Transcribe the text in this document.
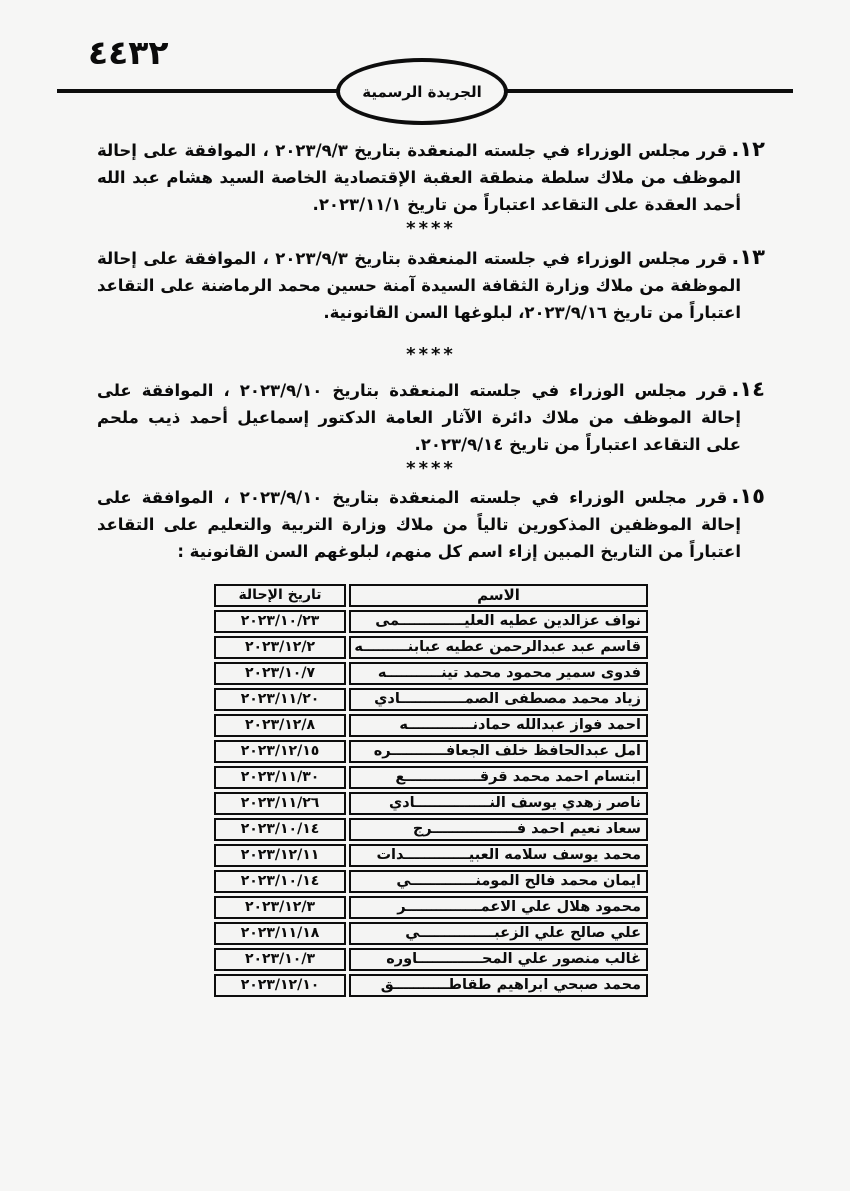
٤٤٣٢
الجريدة الرسمية

١٢.قرر مجلس الوزراء في جلسته المنعقدة بتاريخ ٢٠٢٣/٩/٣ ، الموافقة على إحالة الموظف من ملاك سلطة منطقة العقبة الإقتصادية الخاصة السيد هشام عبد الله أحمد العقدة على التقاعد اعتباراً من تاريخ ٢٠٢٣/١١/١.

****

١٣.قرر مجلس الوزراء في جلسته المنعقدة بتاريخ ٢٠٢٣/٩/٣ ، الموافقة على إحالة الموظفة من ملاك وزارة الثقافة السيدة آمنة حسين محمد الرماضنة على التقاعد اعتباراً من تاريخ ٢٠٢٣/٩/١٦، لبلوغها السن القانونية.

****

١٤.قرر مجلس الوزراء في جلسته المنعقدة بتاريخ ٢٠٢٣/٩/١٠ ، الموافقة على إحالة الموظف من ملاك دائرة الآثار العامة الدكتور إسماعيل أحمد ذيب ملحم على التقاعد اعتباراً من تاريخ ٢٠٢٣/٩/١٤.

****

١٥.قرر مجلس الوزراء في جلسته المنعقدة بتاريخ ٢٠٢٣/٩/١٠ ، الموافقة على إحالة الموظفين المذكورين تالياً من ملاك وزارة التربية والتعليم على التقاعد اعتباراً من التاريخ المبين إزاء اسم كل منهم، لبلوغهم السن القانونية :

الاسم	تاريخ الإحالة
نواف عزالدين عطيه العليـــــــــــــمى	٢٠٢٣/١٠/٢٣
قاسم عبد عبدالرحمن عطيه عبابنـــــــــه	٢٠٢٣/١٢/٢
فدوى سمير محمود محمد تينـــــــــــه	٢٠٢٣/١٠/٧
زياد محمد مصطفى الصمـــــــــــــادي	٢٠٢٣/١١/٢٠
احمد فواز عبدالله حمادنـــــــــــــه	٢٠٢٣/١٢/٨
امل عبدالحافظ خلف الجعافـــــــــــره	٢٠٢٣/١٢/١٥
ابتسام احمد محمد قرقـــــــــــــــع	٢٠٢٣/١١/٣٠
ناصر زهدي يوسف النـــــــــــــــادي	٢٠٢٣/١١/٢٦
سعاد نعيم احمد فـــــــــــــــــرج	٢٠٢٣/١٠/١٤
محمد يوسف سلامه العبيـــــــــــــدات	٢٠٢٣/١٢/١١
ايمان محمد فالح المومنـــــــــــــي	٢٠٢٣/١٠/١٤
محمود هلال علي الاعمـــــــــــــــر	٢٠٢٣/١٢/٣
علي صالح علي الزعبـــــــــــــــي	٢٠٢٣/١١/١٨
غالب منصور علي المحـــــــــــــاوره	٢٠٢٣/١٠/٣
محمد صبحي ابراهيم طقاطـــــــــــق	٢٠٢٣/١٢/١٠
